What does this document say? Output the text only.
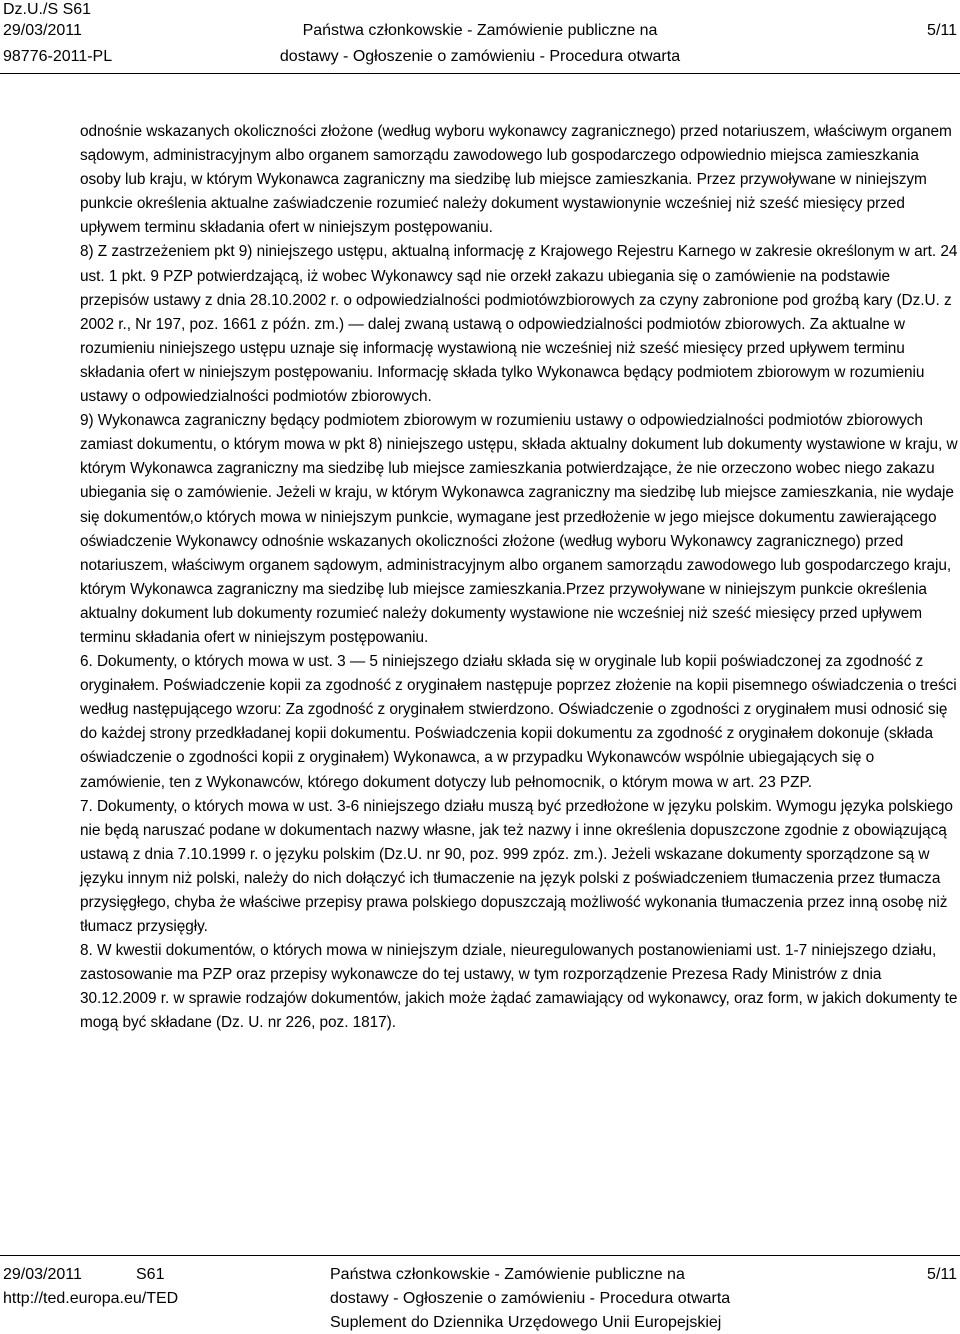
Dz.U./S S61
29/03/2011
98776-2011-PL
Państwa członkowskie - Zamówienie publiczne na
dostawy - Ogłoszenie o zamówieniu - Procedura otwarta
5/11

odnośnie wskazanych okoliczności złożone (według wyboru wykonawcy zagranicznego) przed notariuszem, właściwym organem sądowym, administracyjnym albo organem samorządu zawodowego lub gospodarczego odpowiednio miejsca zamieszkania osoby lub kraju, w którym Wykonawca zagraniczny ma siedzibę lub miejsce zamieszkania. Przez przywoływane w niniejszym punkcie określenia aktualne zaświadczenie rozumieć należy dokument wystawionynie wcześniej niż sześć miesięcy przed upływem terminu składania ofert w niniejszym postępowaniu.

8) Z zastrzeżeniem pkt 9) niniejszego ustępu, aktualną informację z Krajowego Rejestru Karnego w zakresie określonym w art. 24 ust. 1 pkt. 9 PZP potwierdzającą, iż wobec Wykonawcy sąd nie orzekł zakazu ubiegania się o zamówienie na podstawie przepisów ustawy z dnia 28.10.2002 r. o odpowiedzialności podmiotówzbiorowych za czyny zabronione pod groźbą kary (Dz.U. z 2002 r., Nr 197, poz. 1661 z późn. zm.) — dalej zwaną ustawą o odpowiedzialności podmiotów zbiorowych. Za aktualne w rozumieniu niniejszego ustępu uznaje się informację wystawioną nie wcześniej niż sześć miesięcy przed upływem terminu składania ofert w niniejszym postępowaniu. Informację składa tylko Wykonawca będący podmiotem zbiorowym w rozumieniu ustawy o odpowiedzialności podmiotów zbiorowych.

9) Wykonawca zagraniczny będący podmiotem zbiorowym w rozumieniu ustawy o odpowiedzialności podmiotów zbiorowych zamiast dokumentu, o którym mowa w pkt 8) niniejszego ustępu, składa aktualny dokument lub dokumenty wystawione w kraju, w którym Wykonawca zagraniczny ma siedzibę lub miejsce zamieszkania potwierdzające, że nie orzeczono wobec niego zakazu ubiegania się o zamówienie. Jeżeli w kraju, w którym Wykonawca zagraniczny ma siedzibę lub miejsce zamieszkania, nie wydaje się dokumentów,o których mowa w niniejszym punkcie, wymagane jest przedłożenie w jego miejsce dokumentu zawierającego oświadczenie Wykonawcy odnośnie wskazanych okoliczności złożone (według wyboru Wykonawcy zagranicznego) przed notariuszem, właściwym organem sądowym, administracyjnym albo organem samorządu zawodowego lub gospodarczego kraju, którym Wykonawca zagraniczny ma siedzibę lub miejsce zamieszkania.Przez przywoływane w niniejszym punkcie określenia aktualny dokument lub dokumenty rozumieć należy dokumenty wystawione nie wcześniej niż sześć miesięcy przed upływem terminu składania ofert w niniejszym postępowaniu.

6. Dokumenty, o których mowa w ust. 3 — 5 niniejszego działu składa się w oryginale lub kopii poświadczonej za zgodność z oryginałem. Poświadczenie kopii za zgodność z oryginałem następuje poprzez złożenie na kopii pisemnego oświadczenia o treści według następującego wzoru: Za zgodność z oryginałem stwierdzono. Oświadczenie o zgodności z oryginałem musi odnosić się do każdej strony przedkładanej kopii dokumentu. Poświadczenia kopii dokumentu za zgodność z oryginałem dokonuje (składa oświadczenie o zgodności kopii z oryginałem) Wykonawca, a w przypadku Wykonawców wspólnie ubiegających się o zamówienie, ten z Wykonawców, którego dokument dotyczy lub pełnomocnik, o którym mowa w art. 23 PZP.

7. Dokumenty, o których mowa w ust. 3-6 niniejszego działu muszą być przedłożone w języku polskim. Wymogu języka polskiego nie będą naruszać podane w dokumentach nazwy własne, jak też nazwy i inne określenia dopuszczone zgodnie z obowiązującą ustawą z dnia 7.10.1999 r. o języku polskim (Dz.U. nr 90, poz. 999 zpóz. zm.). Jeżeli wskazane dokumenty sporządzone są w języku innym niż polski, należy do nich dołączyć ich tłumaczenie na język polski z poświadczeniem tłumaczenia przez tłumacza przysięgłego, chyba że właściwe przepisy prawa polskiego dopuszczają możliwość wykonania tłumaczenia przez inną osobę niż tłumacz przysięgły.

8. W kwestii dokumentów, o których mowa w niniejszym dziale, nieuregulowanych postanowieniami ust. 1-7 niniejszego działu, zastosowanie ma PZP oraz przepisy wykonawcze do tej ustawy, w tym rozporządzenie Prezesa Rady Ministrów z dnia 30.12.2009 r. w sprawie rodzajów dokumentów, jakich może żądać zamawiający od wykonawcy, oraz form, w jakich dokumenty te mogą być składane (Dz. U. nr 226, poz. 1817).

29/03/2011	S61
http://ted.europa.eu/TED
Państwa członkowskie - Zamówienie publiczne na
dostawy - Ogłoszenie o zamówieniu - Procedura otwarta
Suplement do Dziennika Urzędowego Unii Europejskiej
5/11
